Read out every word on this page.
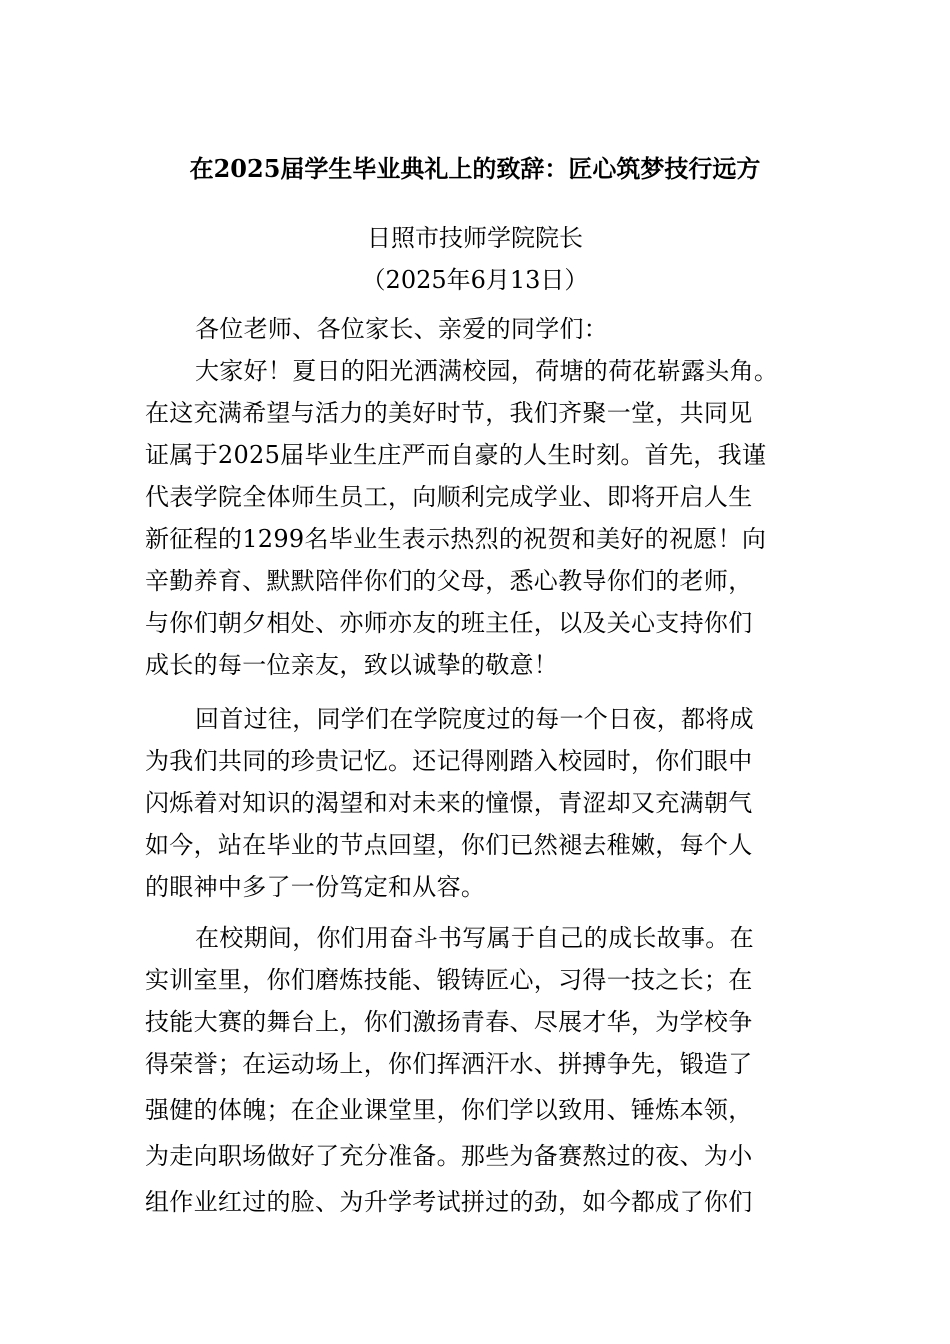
在2025届学生毕业典礼上的致辞：匠心筑梦技行远方
日照市技师学院院长
（2025年6月13日）
各位老师、各位家长、亲爱的同学们：
大家好！夏日的阳光洒满校园，荷塘的荷花崭露头角。
在这充满希望与活力的美好时节，我们齐聚一堂，共同见
证属于2025届毕业生庄严而自豪的人生时刻。首先，我谨
代表学院全体师生员工，向顺利完成学业、即将开启人生
新征程的1299名毕业生表示热烈的祝贺和美好的祝愿！向
辛勤养育、默默陪伴你们的父母，悉心教导你们的老师，
与你们朝夕相处、亦师亦友的班主任，以及关心支持你们
成长的每一位亲友，致以诚挚的敬意！
回首过往，同学们在学院度过的每一个日夜，都将成
为我们共同的珍贵记忆。还记得刚踏入校园时，你们眼中
闪烁着对知识的渴望和对未来的憧憬，青涩却又充满朝气
如今，站在毕业的节点回望，你们已然褪去稚嫩，每个人
的眼神中多了一份笃定和从容。
在校期间，你们用奋斗书写属于自己的成长故事。在
实训室里，你们磨炼技能、锻铸匠心，习得一技之长；在
技能大赛的舞台上，你们激扬青春、尽展才华，为学校争
得荣誉；在运动场上，你们挥洒汗水、拼搏争先，锻造了
强健的体魄；在企业课堂里，你们学以致用、锤炼本领，
为走向职场做好了充分准备。那些为备赛熬过的夜、为小
组作业红过的脸、为升学考试拼过的劲，如今都成了你们
